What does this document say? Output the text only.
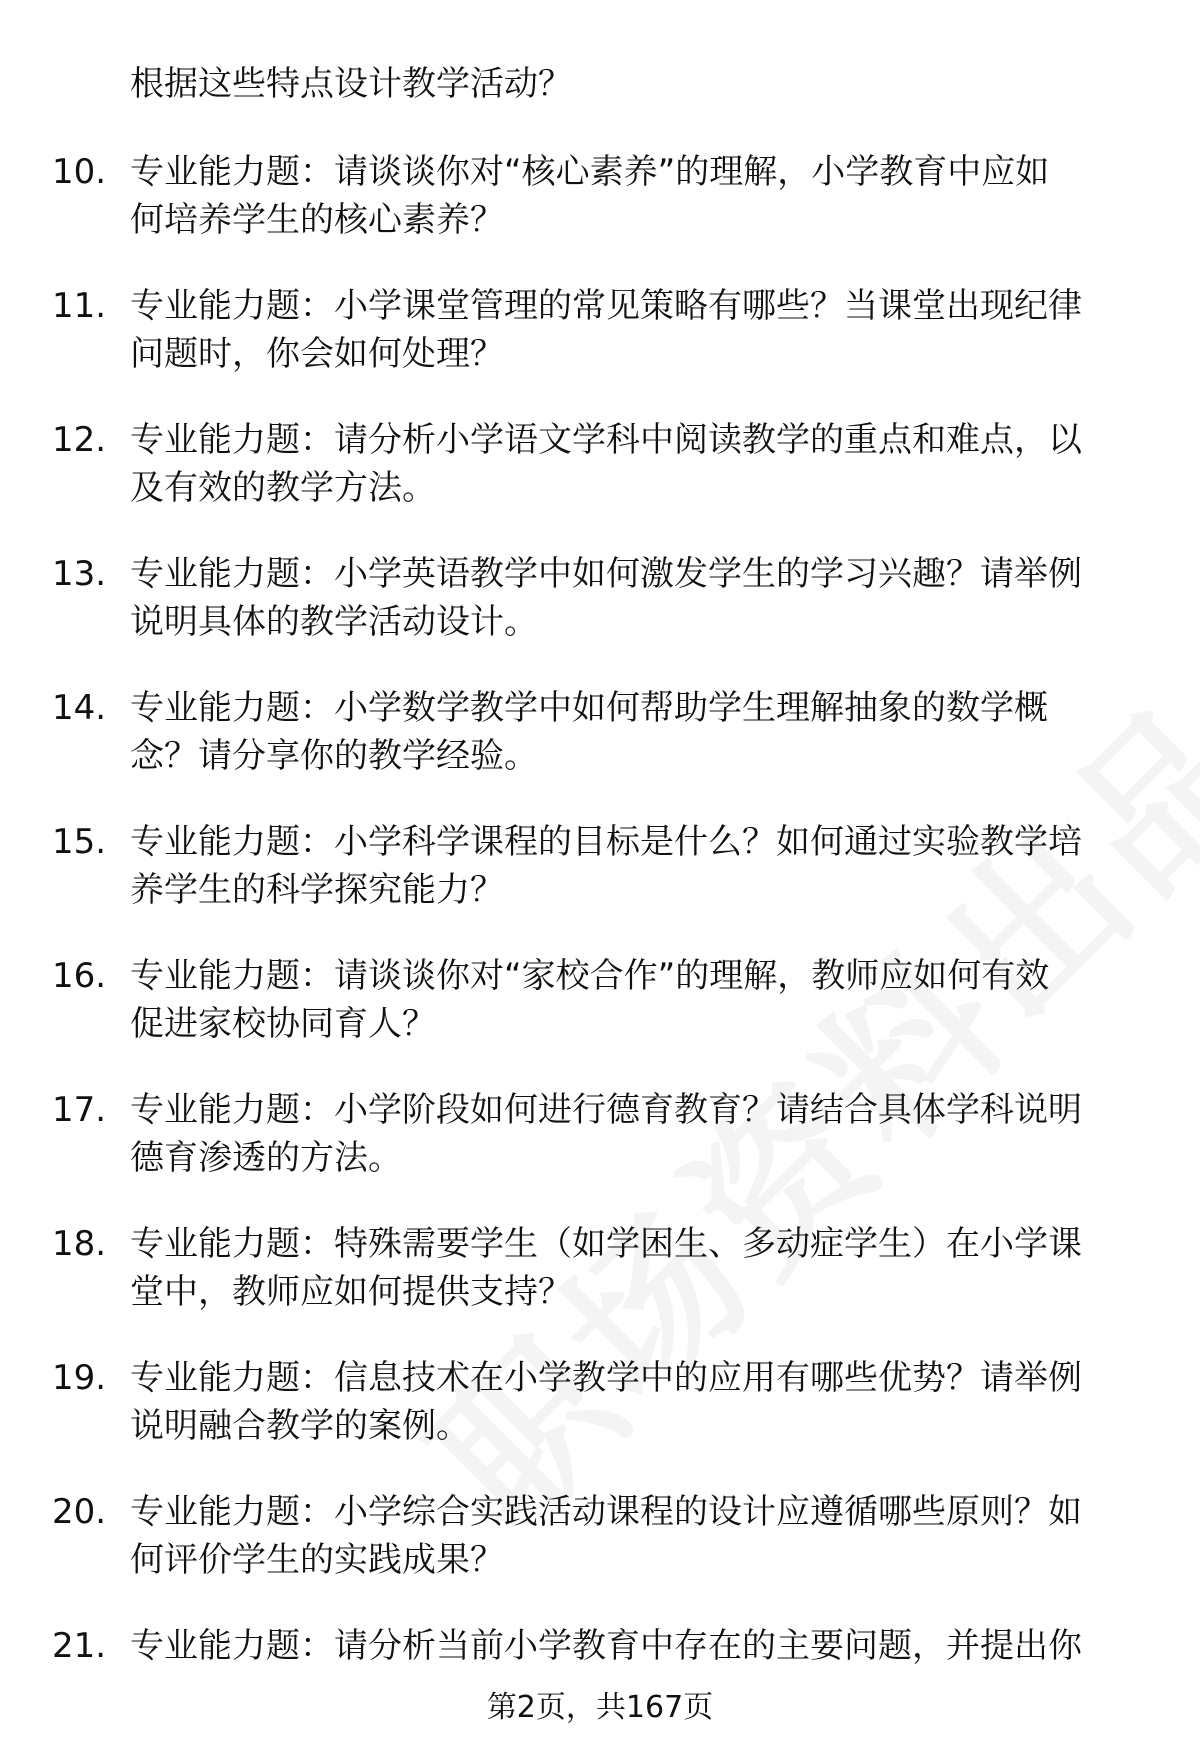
根据这些特点设计教学活动？
10. 专业能力题：请谈谈你对“核心素养”的理解，小学教育中应如
何培养学生的核心素养？
11. 专业能力题：小学课堂管理的常见策略有哪些？当课堂出现纪律
问题时，你会如何处理？
12. 专业能力题：请分析小学语文学科中阅读教学的重点和难点，以
及有效的教学方法。
13. 专业能力题：小学英语教学中如何激发学生的学习兴趣？请举例
说明具体的教学活动设计。
14. 专业能力题：小学数学教学中如何帮助学生理解抽象的数学概
念？请分享你的教学经验。
15. 专业能力题：小学科学课程的目标是什么？如何通过实验教学培
养学生的科学探究能力？
16. 专业能力题：请谈谈你对“家校合作”的理解，教师应如何有效
促进家校协同育人？
17. 专业能力题：小学阶段如何进行德育教育？请结合具体学科说明
德育渗透的方法。
18. 专业能力题：特殊需要学生（如学困生、多动症学生）在小学课
堂中，教师应如何提供支持？
19. 专业能力题：信息技术在小学教学中的应用有哪些优势？请举例
说明融合教学的案例。
20. 专业能力题：小学综合实践活动课程的设计应遵循哪些原则？如
何评价学生的实践成果？
21. 专业能力题：请分析当前小学教育中存在的主要问题，并提出你
第2页，共167页
